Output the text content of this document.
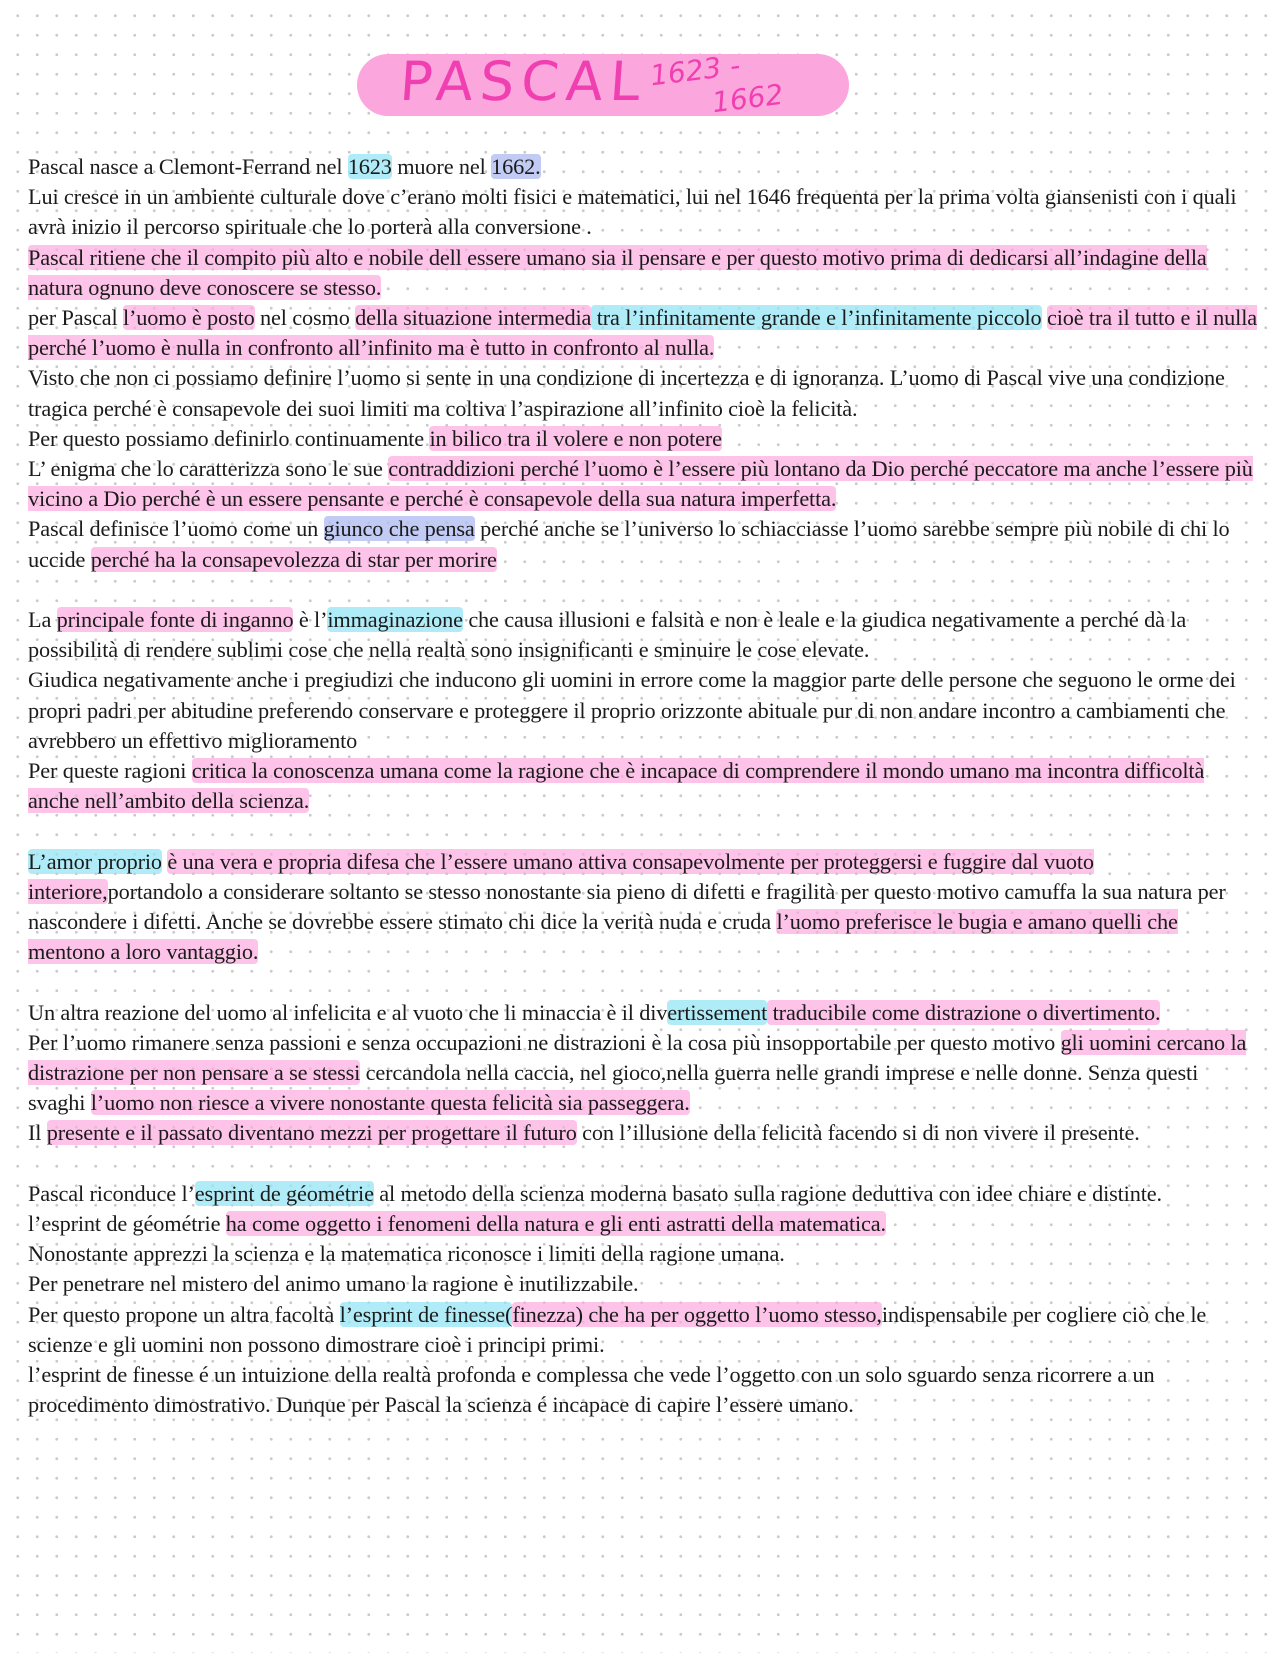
PASCAL 1623 -
1662

Pascal nasce a Clemont-Ferrand nel 1623 muore nel 1662.

Lui cresce in un ambiente culturale dove c’erano molti fisici e matematici, lui nel 1646 frequenta per la prima volta giansenisti con i quali avrà inizio il percorso spirituale che lo porterà alla conversione .

Pascal ritiene che il compito più alto e nobile dell essere umano sia il pensare e per questo motivo prima di dedicarsi all’indagine della natura ognuno deve conoscere se stesso.

per Pascal l’uomo è posto nel cosmo della situazione intermedia tra l’infinitamente grande e l’infinitamente piccolo cioè tra il tutto e il nulla perché l’uomo è nulla in confronto all’infinito ma è tutto in confronto al nulla.

Visto che non ci possiamo definire l’uomo si sente in una condizione di incertezza e di ignoranza. L’uomo di Pascal vive una condizione tragica perché è consapevole dei suoi limiti ma coltiva l’aspirazione all’infinito cioè la felicità.

Per questo possiamo definirlo continuamente in bilico tra il volere e non potere

L’ enigma che lo caratterizza sono le sue contraddizioni perché l’uomo è l’essere più lontano da Dio perché peccatore ma anche l’essere più vicino a Dio perché è un essere pensante e perché è consapevole della sua natura imperfetta.

Pascal definisce l’uomo come un giunco che pensa perché anche se l’universo lo schiacciasse l’uomo sarebbe sempre più nobile di chi lo uccide perché ha la consapevolezza di star per morire

La principale fonte di inganno è l’immaginazione che causa illusioni e falsità e non è leale e la giudica negativamente a perché dà la possibilità di rendere sublimi cose che nella realtà sono insignificanti e sminuire le cose elevate.

Giudica negativamente anche i pregiudizi che inducono gli uomini in errore come la maggior parte delle persone che seguono le orme dei propri padri per abitudine preferendo conservare e proteggere il proprio orizzonte abituale pur di non andare incontro a cambiamenti che avrebbero un effettivo miglioramento

Per queste ragioni critica la conoscenza umana come la ragione che è incapace di comprendere il mondo umano ma incontra difficoltà anche nell’ambito della scienza.

L’amor proprio è una vera e propria difesa che l’essere umano attiva consapevolmente per proteggersi e fuggire dal vuoto interiore,portandolo a considerare soltanto se stesso nonostante sia pieno di difetti e fragilità per questo motivo camuffa la sua natura per nascondere i difetti. Anche se dovrebbe essere stimato chi dice la verità nuda e cruda l’uomo preferisce le bugia e amano quelli che mentono a loro vantaggio.

Un altra reazione del uomo al infelicita e al vuoto che li minaccia è il divertissement traducibile come distrazione o divertimento.

Per l’uomo rimanere senza passioni e senza occupazioni ne distrazioni è la cosa più insopportabile per questo motivo gli uomini cercano la distrazione per non pensare a se stessi cercandola nella caccia, nel gioco,nella guerra nelle grandi imprese e nelle donne. Senza questi svaghi l’uomo non riesce a vivere nonostante questa felicità sia passeggera.

Il presente e il passato diventano mezzi per progettare il futuro con l’illusione della felicità facendo si di non vivere il presente.

Pascal riconduce l’esprint de géométrie al metodo della scienza moderna basato sulla ragione deduttiva con idee chiare e distinte.

l’esprint de géométrie ha come oggetto i fenomeni della natura e gli enti astratti della matematica.

Nonostante apprezzi la scienza e la matematica riconosce i limiti della ragione umana.

Per penetrare nel mistero del animo umano la ragione è inutilizzabile.

Per questo propone un altra facoltà l’esprint de finesse(finezza) che ha per oggetto l’uomo stesso,indispensabile per cogliere ciò che le scienze e gli uomini non possono dimostrare cioè i principi primi.

l’esprint de finesse é un intuizione della realtà profonda e complessa che vede l’oggetto con un solo sguardo senza ricorrere a un procedimento dimostrativo. Dunque per Pascal la scienza é incapace di capire l’essere umano.
